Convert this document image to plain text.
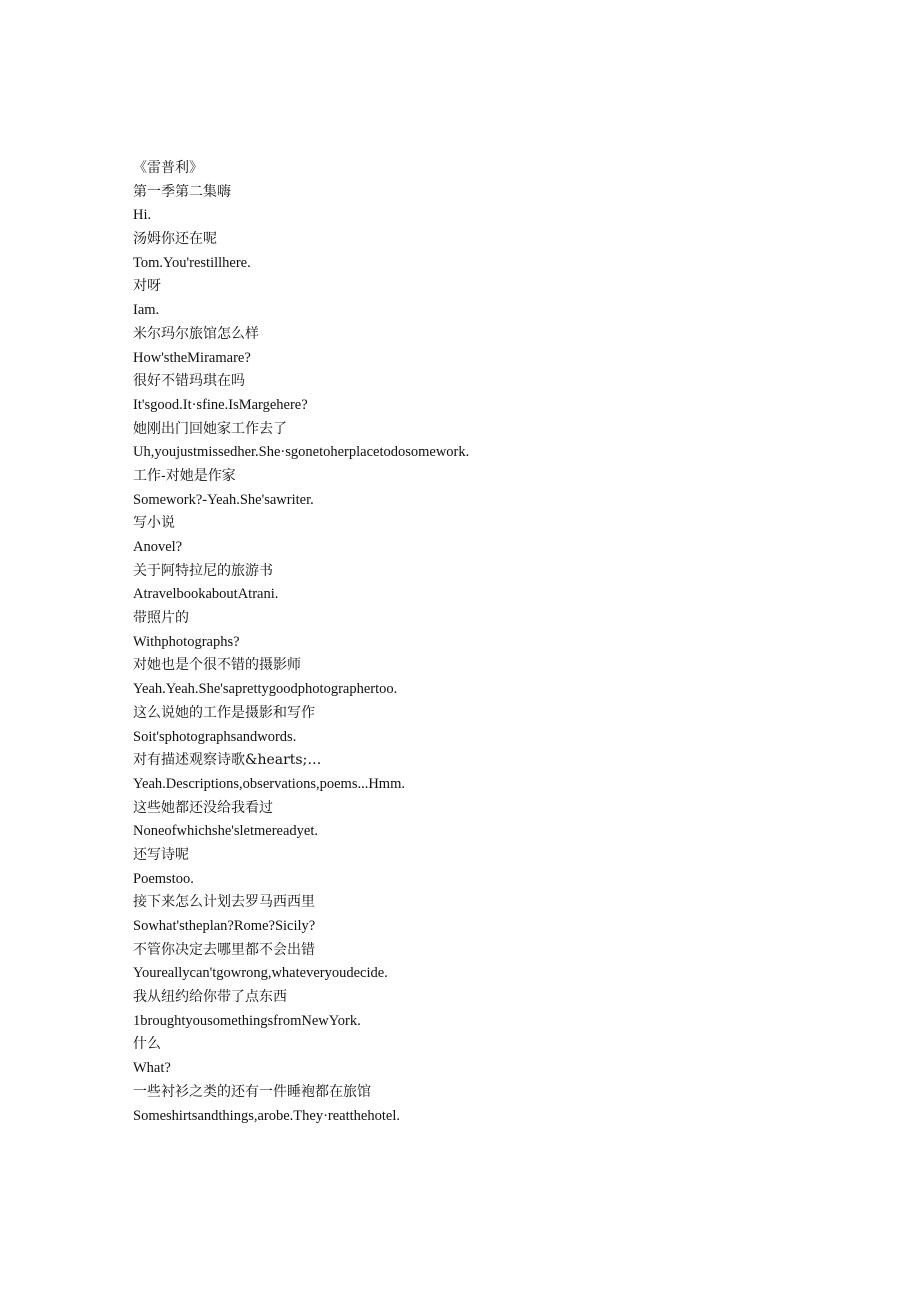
《雷普利》
第一季第二集嗨
Hi.
汤姆你还在呢
Tom.You'restillhere.
对呀
Iam.
米尔玛尔旅馆怎么样
How'stheMiramare?
很好不错玛琪在吗
It'sgood.It·sfine.IsMargehere?
她刚出门回她家工作去了
Uh,youjustmissedher.She·sgonetoherplacetodosomework.
工作-对她是作家
Somework?-Yeah.She'sawriter.
写小说
Anovel?
关于阿特拉尼的旅游书
AtravelbookaboutAtrani.
带照片的
Withphotographs?
对她也是个很不错的摄影师
Yeah.Yeah.She'saprettygoodphotographertoo.
这么说她的工作是摄影和写作
Soit'sphotographsandwords.
对有描述观察诗歌&hearts;…
Yeah.Descriptions,observations,poems...Hmm.
这些她都还没给我看过
Noneofwhichshe'sletmereadyet.
还写诗呢
Poemstoo.
接下来怎么计划去罗马西西里
Sowhat'stheplan?Rome?Sicily?
不管你决定去哪里都不会出错
Youreallycan'tgowrong,whateveryoudecide.
我从纽约给你带了点东西
1broughtyousomethingsfromNewYork.
什么
What?
一些衬衫之类的还有一件睡袍都在旅馆
Someshirtsandthings,arobe.They·reatthehotel.
